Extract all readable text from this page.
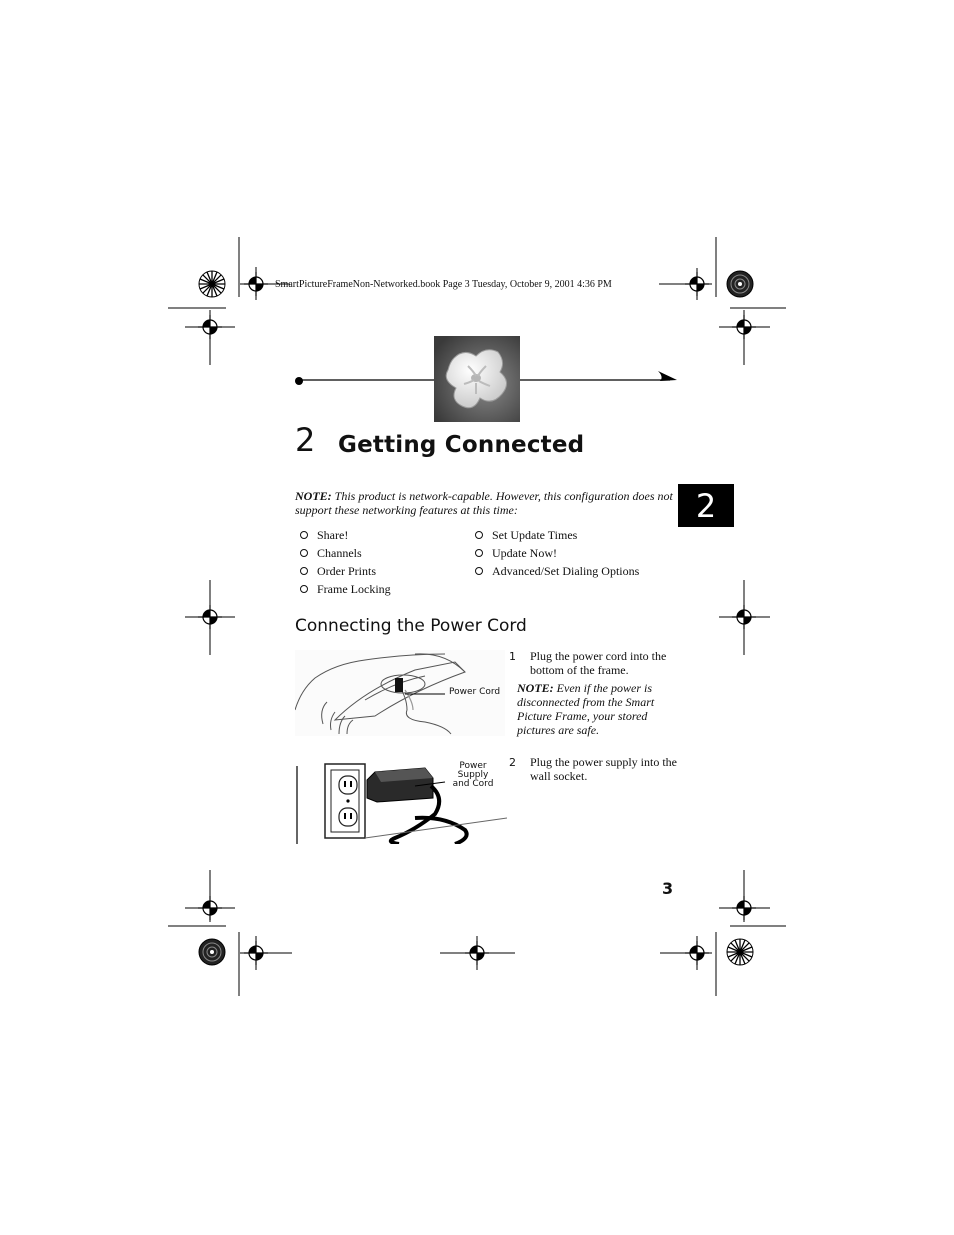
SmartPictureFrameNon-Networked.book Page 3 Tuesday, October 9, 2001 4:36 PM
2 Getting Connected
2
NOTE: This product is network-capable. However, this configuration does not support these networking features at this time:
Share!
Channels
Order Prints
Frame Locking
Set Update Times
Update Now!
Advanced/Set Dialing Options
Connecting the Power Cord
Power Cord
1 Plug the power cord into the bottom of the frame.
NOTE: Even if the power is disconnected from the Smart Picture Frame, your stored pictures are safe.
Power Supply
and Cord
2 Plug the power supply into the wall socket.
3
